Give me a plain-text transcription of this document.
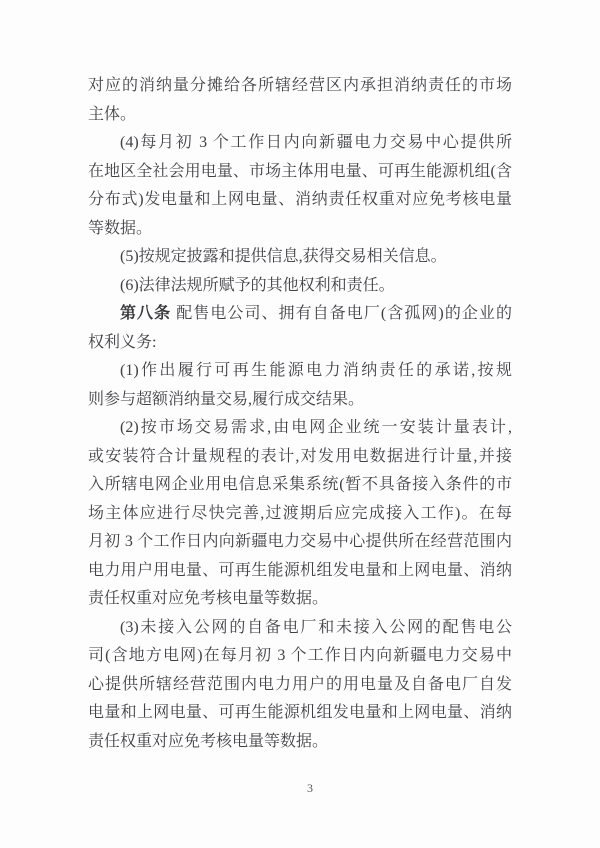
对应的消纳量分摊给各所辖经营区内承担消纳责任的市场
主体。
(4)每月初 3 个工作日内向新疆电力交易中心提供所
在地区全社会用电量、市场主体用电量、可再生能源机组(含
分布式)发电量和上网电量、消纳责任权重对应免考核电量
等数据。
(5)按规定披露和提供信息,获得交易相关信息。
(6)法律法规所赋予的其他权利和责任。
第八条 配售电公司、拥有自备电厂(含孤网)的企业的
权利义务:
(1)作出履行可再生能源电力消纳责任的承诺,按规
则参与超额消纳量交易,履行成交结果。
(2)按市场交易需求,由电网企业统一安装计量表计,
或安装符合计量规程的表计,对发用电数据进行计量,并接
入所辖电网企业用电信息采集系统(暂不具备接入条件的市
场主体应进行尽快完善,过渡期后应完成接入工作)。在每
月初 3 个工作日内向新疆电力交易中心提供所在经营范围内
电力用户用电量、可再生能源机组发电量和上网电量、消纳
责任权重对应免考核电量等数据。
(3)未接入公网的自备电厂和未接入公网的配售电公
司(含地方电网)在每月初 3 个工作日内向新疆电力交易中
心提供所辖经营范围内电力用户的用电量及自备电厂自发
电量和上网电量、可再生能源机组发电量和上网电量、消纳
责任权重对应免考核电量等数据。
3
